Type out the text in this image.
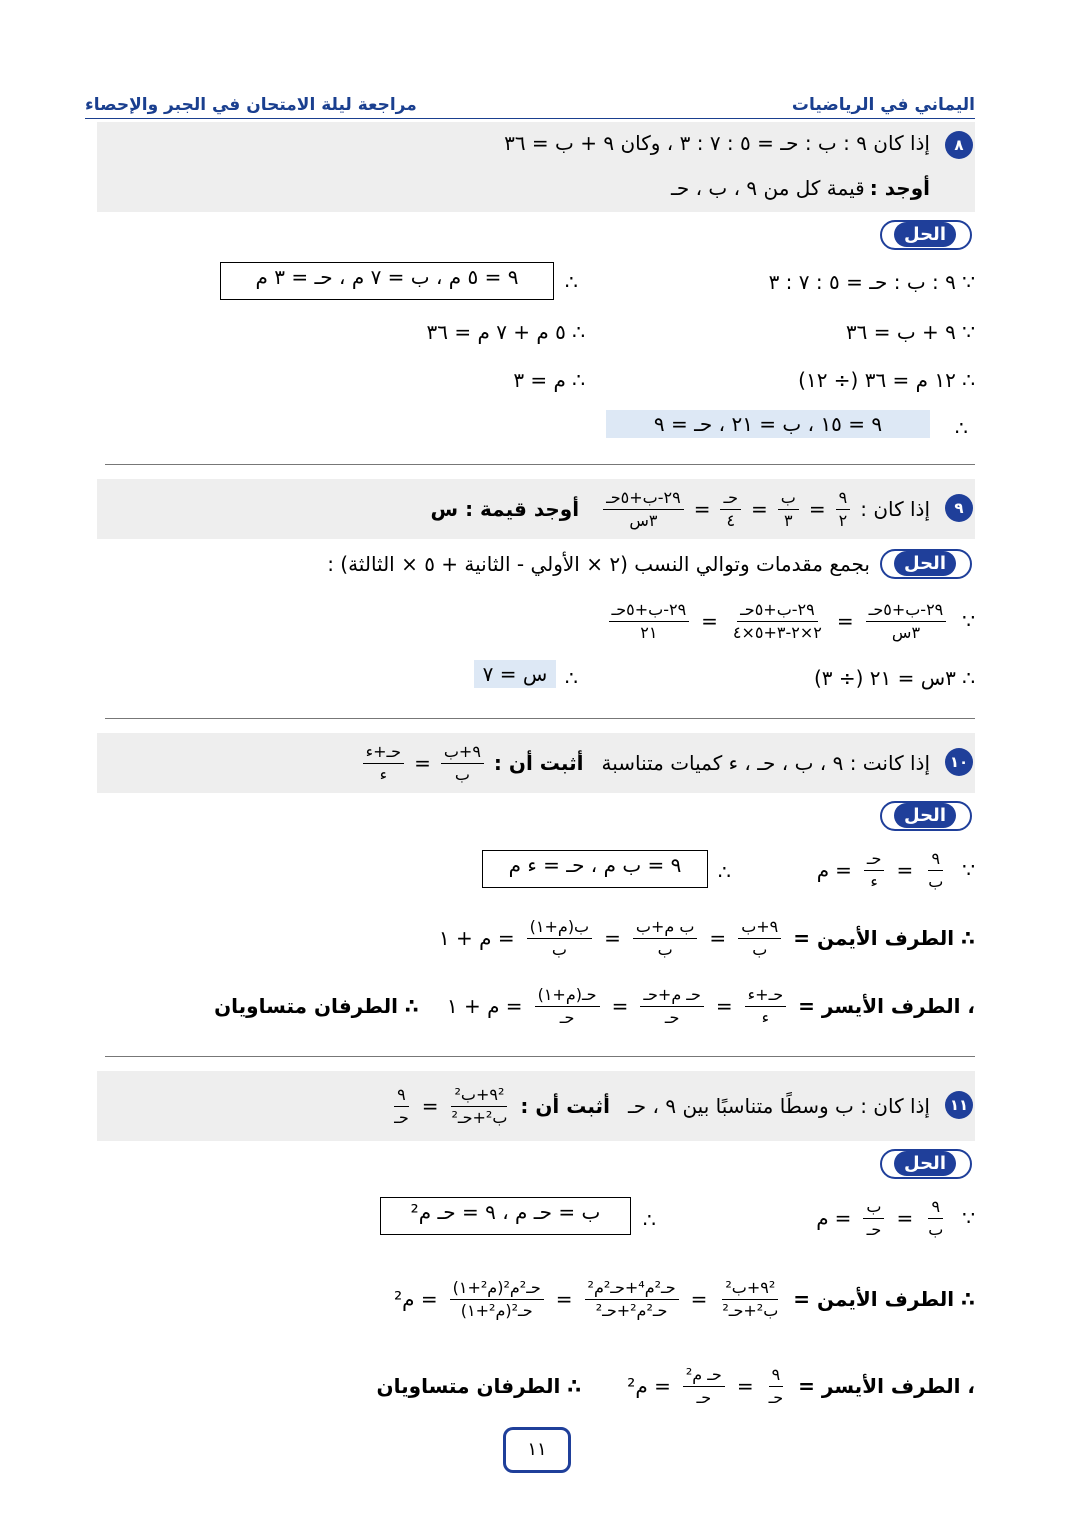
اليماني في الرياضيات
مراجعة ليلة الامتحان في الجبر والإحصاء
٨
إذا كان ٩ : ب : حـ = ٥ : ٧ : ٣ ، وكان ٩ + ب = ٣٦
أوجد : قيمة كل من ٩ ، ب ، حـ
الحل
∵ ٩ : ب : حـ = ٥ : ٧ : ٣
∴
٩ = ٥ م ، ب = ٧ م ، حـ = ٣ م
∵ ٩ + ب = ٣٦
∴ ٥ م + ٧ م = ٣٦
∴ ١٢ م = ٣٦ (÷ ١٢)
∴ م = ٣
∴
٩ = ١٥ ، ب = ٢١ ، حـ = ٩
٩
إذا كان :
$\frac{٩}{٢}$
=
$\frac{\text{ب}}{٣}$
=
$\frac{\text{حـ}}{٤}$
=
$\frac{\text{٢٩-ب+٥حـ}}{\text{٣س}}$
أوجد قيمة : س
الحل
بجمع مقدمات وتوالي النسب (٢ × الأولي - الثانية + ٥ × الثالثة) :
∵
$\frac{\text{٢٩-ب+٥حـ}}{\text{٣س}}$
=
$\frac{\text{٢٩-ب+٥حـ}}{٢\times ٢-٣+٥\times ٤}$
=
$\frac{\text{٢٩-ب+٥حـ}}{٢١}$
∴ ٣س = ٢١ (÷ ٣)
∴
س = ٧
١٠
إذا كانت : ٩ ، ب ، حـ ، ء كميات متناسبة
أثبت أن :
$\frac{\text{٩+ب}}{\text{ب}}$
=
$\frac{\text{حـ+ء}}{\text{ء}}$
الحل
∵
$\frac{٩}{\text{ب}}$
=
$\frac{\text{حـ}}{\text{ء}}$
=
م
∴
٩ = ب م ، حـ = ء م
∴ الطرف الأيمن =
$\frac{\text{٩+ب}}{\text{ب}}$
=
$\frac{\text{ب م+ب}}{\text{ب}}$
=
$\frac{\text{ب(م+١)}}{\text{ب}}$
= م + ١
، الطرف الأيسر =
$\frac{\text{حـ+ء}}{\text{ء}}$
=
$\frac{\text{حـ م+حـ}}{\text{حـ}}$
=
$\frac{\text{حـ(م+١)}}{\text{حـ}}$
= م + ١
∴ الطرفان متساويان
١١
إذا كان : ب وسطًا متناسبًا بين ٩ ، حـ
أثبت أن :
$\frac{\text{٩²+ب²}}{\text{ب²+حـ²}}$
=
$\frac{٩}{\text{حـ}}$
الحل
∵
$\frac{٩}{\text{ب}}$
=
$\frac{\text{ب}}{\text{حـ}}$
=
م
∴
ب = حـ م ، ٩ = حـ م²
∴ الطرف الأيمن =
$\frac{\text{٩²+ب²}}{\text{ب²+حـ²}}$
=
$\frac{\text{حـ²م⁴+حـ²م²}}{\text{حـ²م²+حـ²}}$
=
$\frac{\text{حـ²م²(م²+١)}}{\text{حـ²(م²+١)}}$
= م²
، الطرف الأيسر =
$\frac{٩}{\text{حـ}}$
=
$\frac{\text{حـ م²}}{\text{حـ}}$
= م²
∴ الطرفان متساويان
١١
